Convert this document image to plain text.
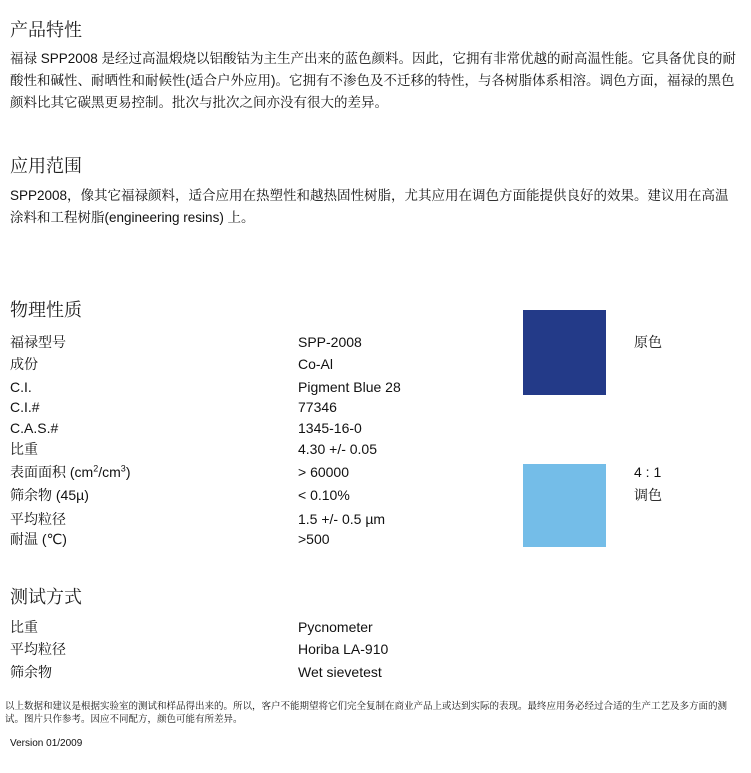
产品特性
福禄 SPP2008 是经过高温煅烧以铝酸钴为主生产出来的蓝色颜料。因此，它拥有非常优越的耐高温性能。它具备优良的耐酸性和碱性、耐晒性和耐候性(适合户外应用)。它拥有不渗色及不迁移的特性，与各树脂体系相溶。调色方面，福禄的黑色颜料比其它碳黑更易控制。批次与批次之间亦没有很大的差异。
应用范围
SPP2008，像其它福禄颜料，适合应用在热塑性和越热固性树脂，尤其应用在调色方面能提供良好的效果。建议用在高温涂料和工程树脂(engineering resins) 上。
物理性质
福禄型号	SPP-2008
成份	Co-Al
C.I.	Pigment Blue 28
C.I.#	77346
C.A.S.#	1345-16-0
比重	4.30 +/- 0.05
表面面积 $(cm^2/cm^3)$	> 60000
筛余物 (45µ)	< 0.10%
平均粒径	1.5 +/- 0.5 µm
耐温 (℃)	>500
原色
4 : 1
调色
测试方式
比重	Pycnometer
平均粒径	Horiba LA-910
筛余物	Wet sievetest
以上数据和建议是根据实验室的测试和样品得出来的。所以，客户不能期望将它们完全复制在商业产品上或达到实际的表现。最终应用务必经过合适的生产工艺及多方面的测试。图片只作参考。因应不同配方，颜色可能有所差异。
Version 01/2009
